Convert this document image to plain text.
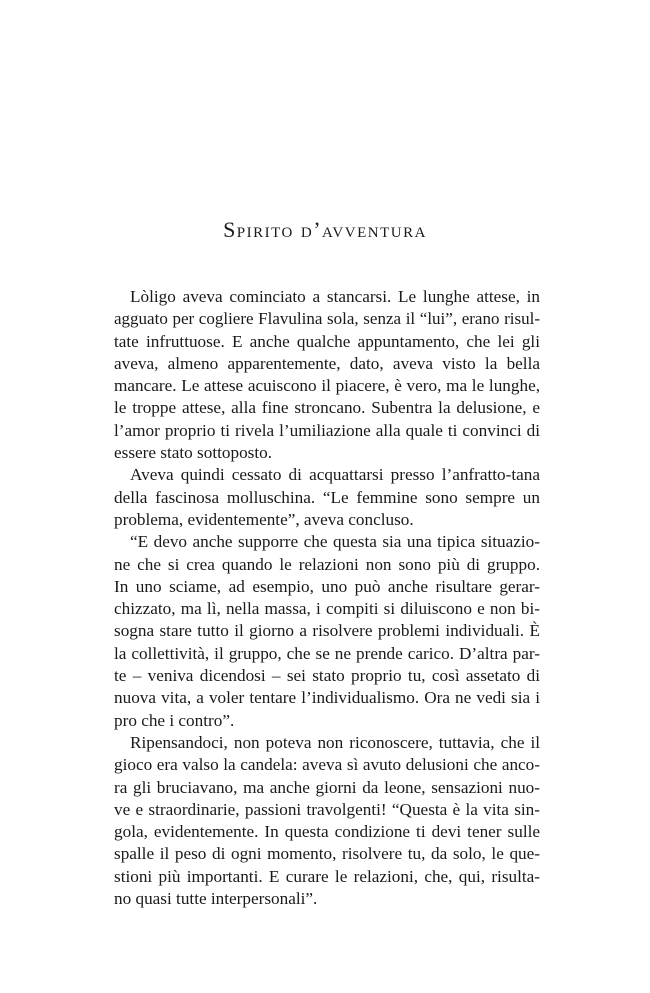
Spirito d’avventura
Lòligo aveva cominciato a stancarsi. Le lunghe attese, in
agguato per cogliere Flavulina sola, senza il “lui”, erano risul-
tate infruttuose. E anche qualche appuntamento, che lei gli
aveva, almeno apparentemente, dato, aveva visto la bella
mancare. Le attese acuiscono il piacere, è vero, ma le lunghe,
le troppe attese, alla fine stroncano. Subentra la delusione, e
l’amor proprio ti rivela l’umiliazione alla quale ti convinci di
essere stato sottoposto.
Aveva quindi cessato di acquattarsi presso l’anfratto-tana
della fascinosa molluschina. “Le femmine sono sempre un
problema, evidentemente”, aveva concluso.
“E devo anche supporre che questa sia una tipica situazio-
ne che si crea quando le relazioni non sono più di gruppo.
In uno sciame, ad esempio, uno può anche risultare gerar-
chizzato, ma lì, nella massa, i compiti si diluiscono e non bi-
sogna stare tutto il giorno a risolvere problemi individuali. È
la collettività, il gruppo, che se ne prende carico. D’altra par-
te – veniva dicendosi – sei stato proprio tu, così assetato di
nuova vita, a voler tentare l’individualismo. Ora ne vedi sia i
pro che i contro”.
Ripensandoci, non poteva non riconoscere, tuttavia, che il
gioco era valso la candela: aveva sì avuto delusioni che anco-
ra gli bruciavano, ma anche giorni da leone, sensazioni nuo-
ve e straordinarie, passioni travolgenti! “Questa è la vita sin-
gola, evidentemente. In questa condizione ti devi tener sulle
spalle il peso di ogni momento, risolvere tu, da solo, le que-
stioni più importanti. E curare le relazioni, che, qui, risulta-
no quasi tutte interpersonali”.
